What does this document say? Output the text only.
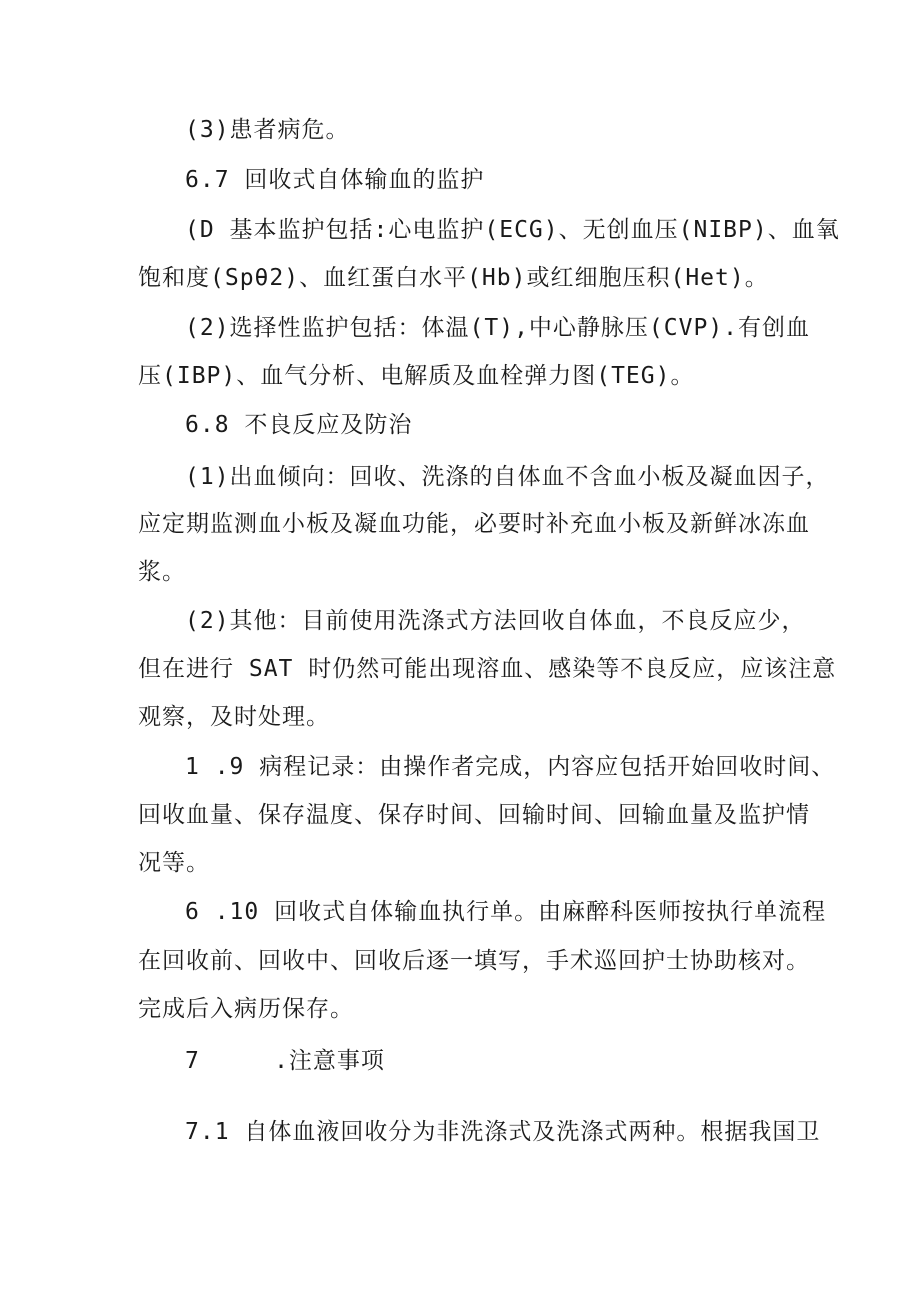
(3)患者病危。
6.7 回收式自体输血的监护
(D 基本监护包括:心电监护(ECG)、无创血压(NIBP)、血氧
饱和度(Spθ2)、血红蛋白水平(Hb)或红细胞压积(Het)。
(2)选择性监护包括：体温(T),中心静脉压(CVP).有创血
压(IBP)、血气分析、电解质及血栓弹力图(TEG)。
6.8 不良反应及防治
(1)出血倾向：回收、洗涤的自体血不含血小板及凝血因子，
应定期监测血小板及凝血功能，必要时补充血小板及新鲜冰冻血
浆。
(2)其他：目前使用洗涤式方法回收自体血，不良反应少，
但在进行 SAT 时仍然可能出现溶血、感染等不良反应，应该注意
观察，及时处理。
1 .9 病程记录：由操作者完成，内容应包括开始回收时间、
回收血量、保存温度、保存时间、回输时间、回输血量及监护情
况等。
6 .10 回收式自体输血执行单。由麻醉科医师按执行单流程
在回收前、回收中、回收后逐一填写，手术巡回护士协助核对。
完成后入病历保存。
7     .注意事项
7.1 自体血液回收分为非洗涤式及洗涤式两种。根据我国卫
